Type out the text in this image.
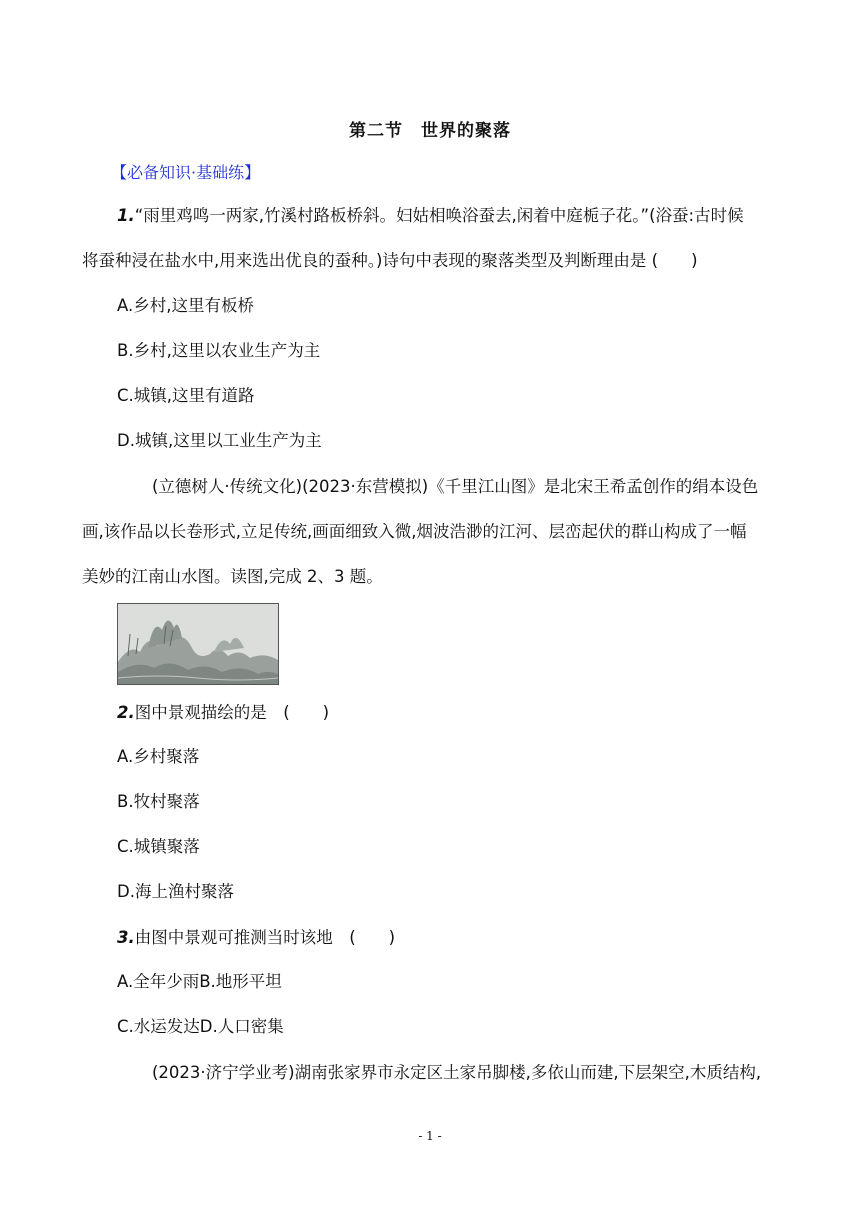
第二节　世界的聚落
【必备知识·基础练】
1.“雨里鸡鸣一两家,竹溪村路板桥斜。妇姑相唤浴蚕去,闲着中庭栀子花。”(浴蚕:古时候
将蚕种浸在盐水中,用来选出优良的蚕种。)诗句中表现的聚落类型及判断理由是 (　　)
A.乡村,这里有板桥
B.乡村,这里以农业生产为主
C.城镇,这里有道路
D.城镇,这里以工业生产为主
(立德树人·传统文化)(2023·东营模拟)《千里江山图》是北宋王希孟创作的绢本设色
画,该作品以长卷形式,立足传统,画面细致入微,烟波浩渺的江河、层峦起伏的群山构成了一幅
美妙的江南山水图。读图,完成 2、3 题。
2.图中景观描绘的是　(　　)
A.乡村聚落
B.牧村聚落
C.城镇聚落
D.海上渔村聚落
3.由图中景观可推测当时该地　(　　)
A.全年少雨B.地形平坦
C.水运发达D.人口密集
(2023·济宁学业考)湖南张家界市永定区土家吊脚楼,多依山而建,下层架空,木质结构,
- 1 -
